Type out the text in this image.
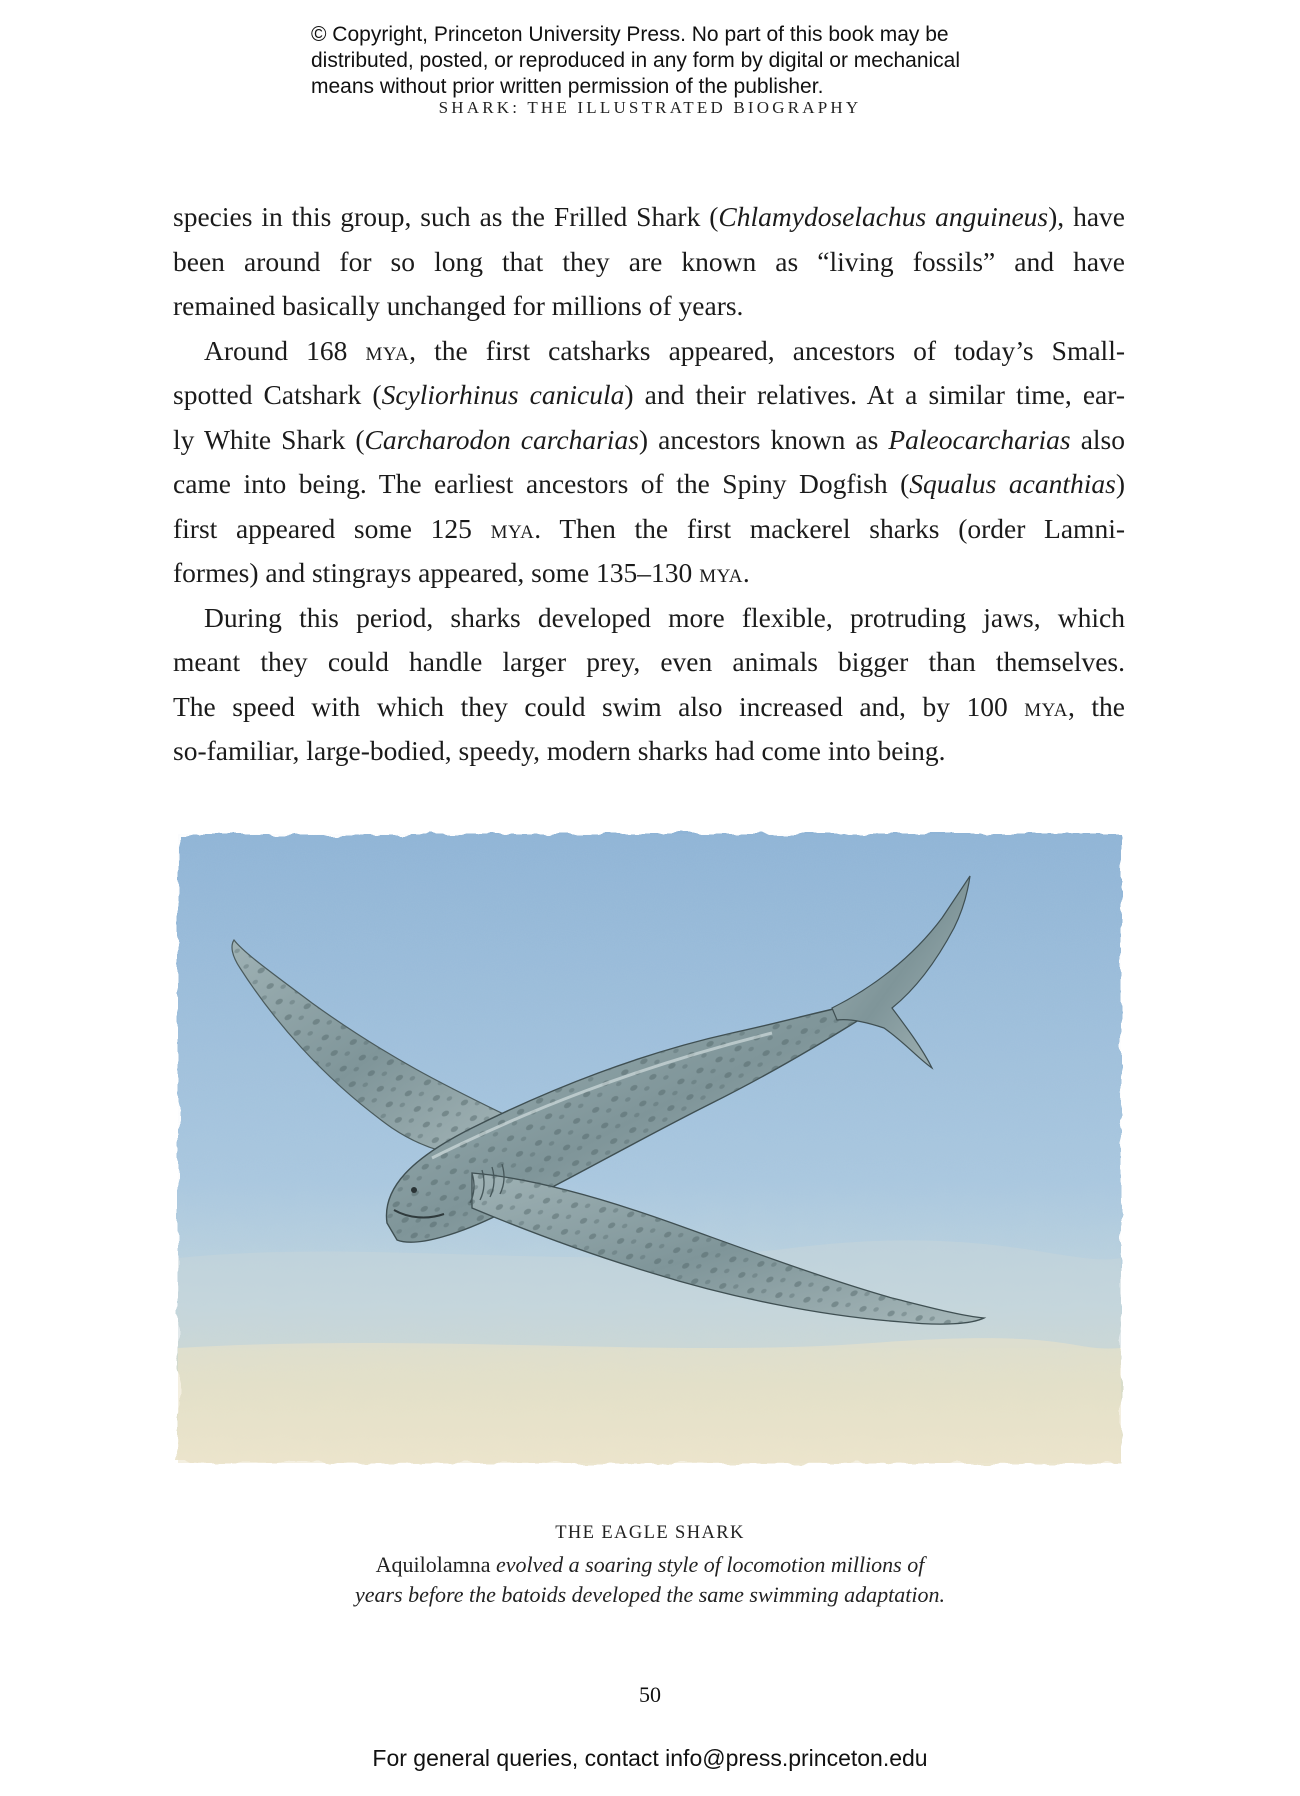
© Copyright, Princeton University Press. No part of this book may be
distributed, posted, or reproduced in any form by digital or mechanical
means without prior written permission of the publisher.
SHARK: THE ILLUSTRATED BIOGRAPHY

species in this group, such as the Frilled Shark (Chlamydoselachus anguineus), have
been around for so long that they are known as “living fossils” and have
remained basically unchanged for millions of years.

Around 168 mya, the first catsharks appeared, ancestors of today’s Small-
spotted Catshark (Scyliorhinus canicula) and their relatives. At a similar time, ear-
ly White Shark (Carcharodon carcharias) ancestors known as Paleocarcharias also
came into being. The earliest ancestors of the Spiny Dogfish (Squalus acanthias)
first appeared some 125 mya. Then the first mackerel sharks (order Lamni-
formes) and stingrays appeared, some 135–130 mya.

During this period, sharks developed more flexible, protruding jaws, which
meant they could handle larger prey, even animals bigger than themselves.
The speed with which they could swim also increased and, by 100 mya, the
so-familiar, large-bodied, speedy, modern sharks had come into being.

THE EAGLE SHARK
Aquilolamna evolved a soaring style of locomotion millions of
years before the batoids developed the same swimming adaptation.
50
For general queries, contact info@press.princeton.edu
